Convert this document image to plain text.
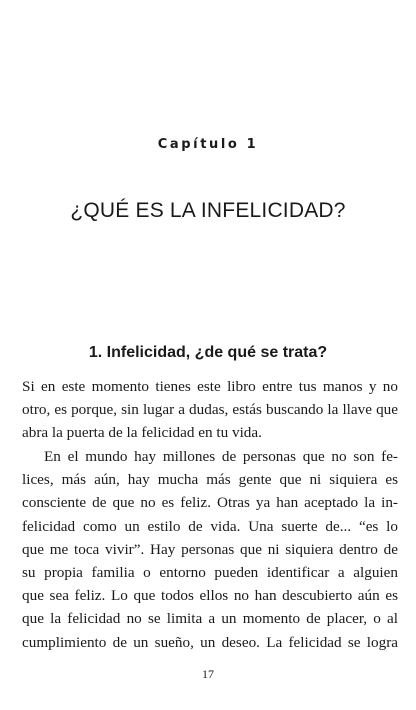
Capítulo 1
¿QUÉ ES LA INFELICIDAD?
1. Infelicidad, ¿de qué se trata?
Si en este momento tienes este libro entre tus manos y no
otro, es porque, sin lugar a dudas, estás buscando la llave que
abra la puerta de la felicidad en tu vida.
En el mundo hay millones de personas que no son fe-
lices, más aún, hay mucha más gente que ni siquiera es
consciente de que no es feliz. Otras ya han aceptado la in-
felicidad como un estilo de vida. Una suerte de... “es lo
que me toca vivir”. Hay personas que ni siquiera dentro de
su propia familia o entorno pueden identificar a alguien
que sea feliz. Lo que todos ellos no han descubierto aún es
que la felicidad no se limita a un momento de placer, o al
cumplimiento de un sueño, un deseo. La felicidad se logra
17
